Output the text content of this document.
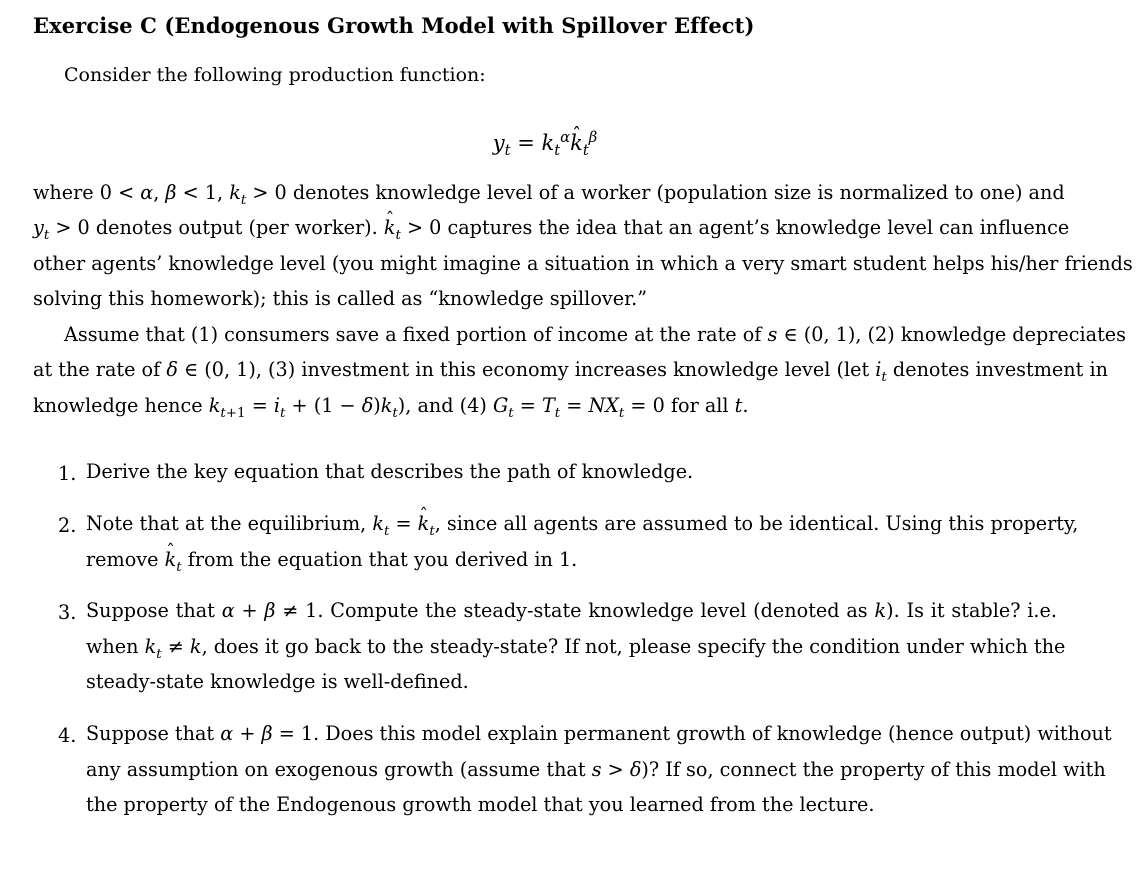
Exercise C (Endogenous Growth Model with Spillover Effect)
Consider the following production function:
$y_t$ = $k_t^\alpha ˆ$ $k_t^\beta$
where 0 < α, β < 1, $k_t > 0$ denotes knowledge level of a worker (population size is normalized to one) and
$y_t > 0$ denotes output (per worker). ˆ $k_t > 0$ captures the idea that an agent’s knowledge level can influence
other agents’ knowledge level (you might imagine a situation in which a very smart student helps his/her friends
solving this homework); this is called as “knowledge spillover.”
Assume that (1) consumers save a fixed portion of income at the rate of s ∈ (0, 1), (2) knowledge depreciates
at the rate of δ ∈ (0, 1), (3) investment in this economy increases knowledge level (let $i_t$ denotes investment in
knowledge hence $k_{t+1} = i_t + (1 - \delta)k_t$), and (4) $G_t = T_t = NX_t = 0$ for all t.
1. Derive the key equation that describes the path of knowledge.
2. Note that at the equilibrium, $k_t$ = ˆ $k_t$, since all agents are assumed to be identical. Using this property,
remove ˆ $k_t$ from the equation that you derived in 1.
3. Suppose that α + β ≠ 1. Compute the steady-state knowledge level (denoted as k). Is it stable? i.e.
when $k_t \ne k$, does it go back to the steady-state? If not, please specify the condition under which the
steady-state knowledge is well-defined.
4. Suppose that α + β = 1. Does this model explain permanent growth of knowledge (hence output) without
any assumption on exogenous growth (assume that s > δ)? If so, connect the property of this model with
the property of the Endogenous growth model that you learned from the lecture.
